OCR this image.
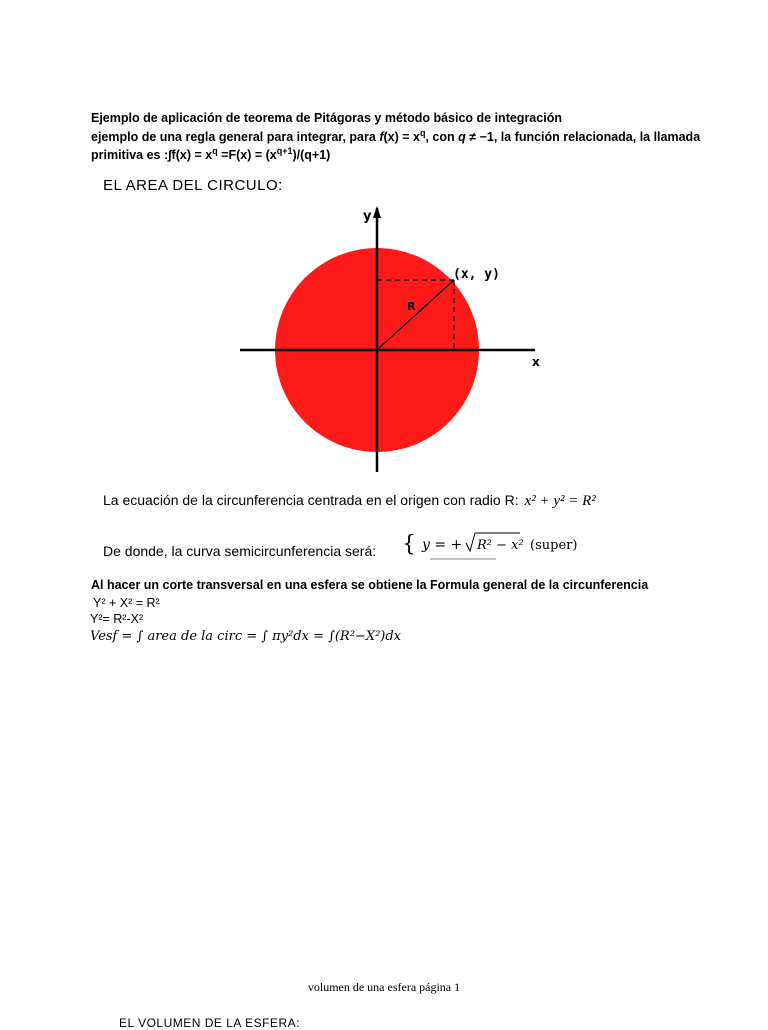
Ejemplo de aplicación de teorema de Pitágoras y método básico de integración
ejemplo de una regla general para integrar, para $f(x) = x^q$, con q ≠ −1, la función relacionada, la llamada
primitiva es :∫f(x) = $x^q =F(x) = (x^{q+1})/(q+1)$
EL AREA DEL CIRCULO:
y
x
(x, y)
R
La ecuación de la circunferencia centrada en el origen con radio R: x² + y² = R²
De donde, la curva semicircunferencia será: { y = + R² − x² (super)
Al hacer un corte transversal en una esfera se obtiene la Formula general de la circunferencia
Y² + X² = R²
Y²= R²-X²
Vesf = ∫ area de la circ = ∫ πy²dx = ∫(R²−X²)dx
volumen de una esfera página 1
EL VOLUMEN DE LA ESFERA:
